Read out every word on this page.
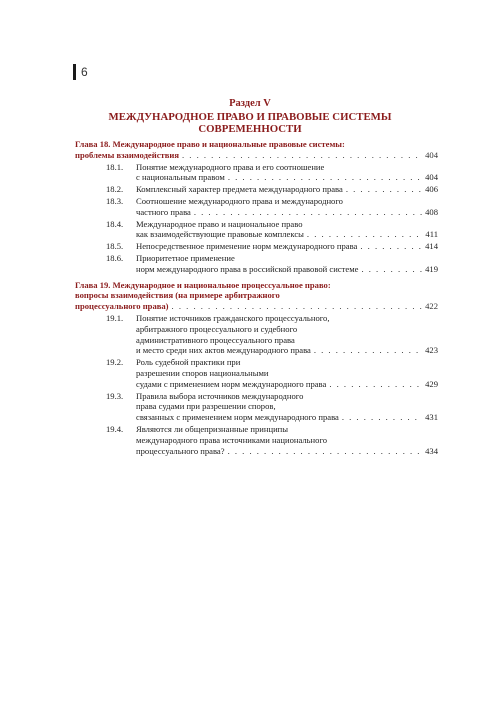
6
Раздел V
МЕЖДУНАРОДНОЕ ПРАВО И ПРАВОВЫЕ СИСТЕМЫ
СОВРЕМЕННОСТИ
Глава 18. Международное право и национальные правовые системы:
проблемы взаимодействия . . .	404
18.1.	Понятие международного права и его соотношение
с национальным правом . . .	404
18.2.	Комплексный характер предмета международного права . . .	406
18.3.	Соотношение международного права и международного
частного права . . .	408
18.4.	Международное право и национальное право
как взаимодействующие правовые комплексы . . .	411
18.5.	Непосредственное применение норм международного права . . .	414
18.6.	Приоритетное применение
норм международного права в российской правовой системе . . .	419
Глава 19. Международное и национальное процессуальное право:
вопросы взаимодействия (на примере арбитражного
процессуального права) . . .	422
19.1.	Понятие источников гражданского процессуального,
арбитражного процессуального и судебного
административного процессуального права
и место среди них актов международного права . . .	423
19.2.	Роль судебной практики при
разрешении споров национальными
судами с применением норм международного права . . .	429
19.3.	Правила выбора источников международного
права судами при разрешении споров,
связанных с применением норм международного права . . .	431
19.4.	Являются ли общепризнанные принципы
международного права источниками национального
процессуального права? . . .	434
